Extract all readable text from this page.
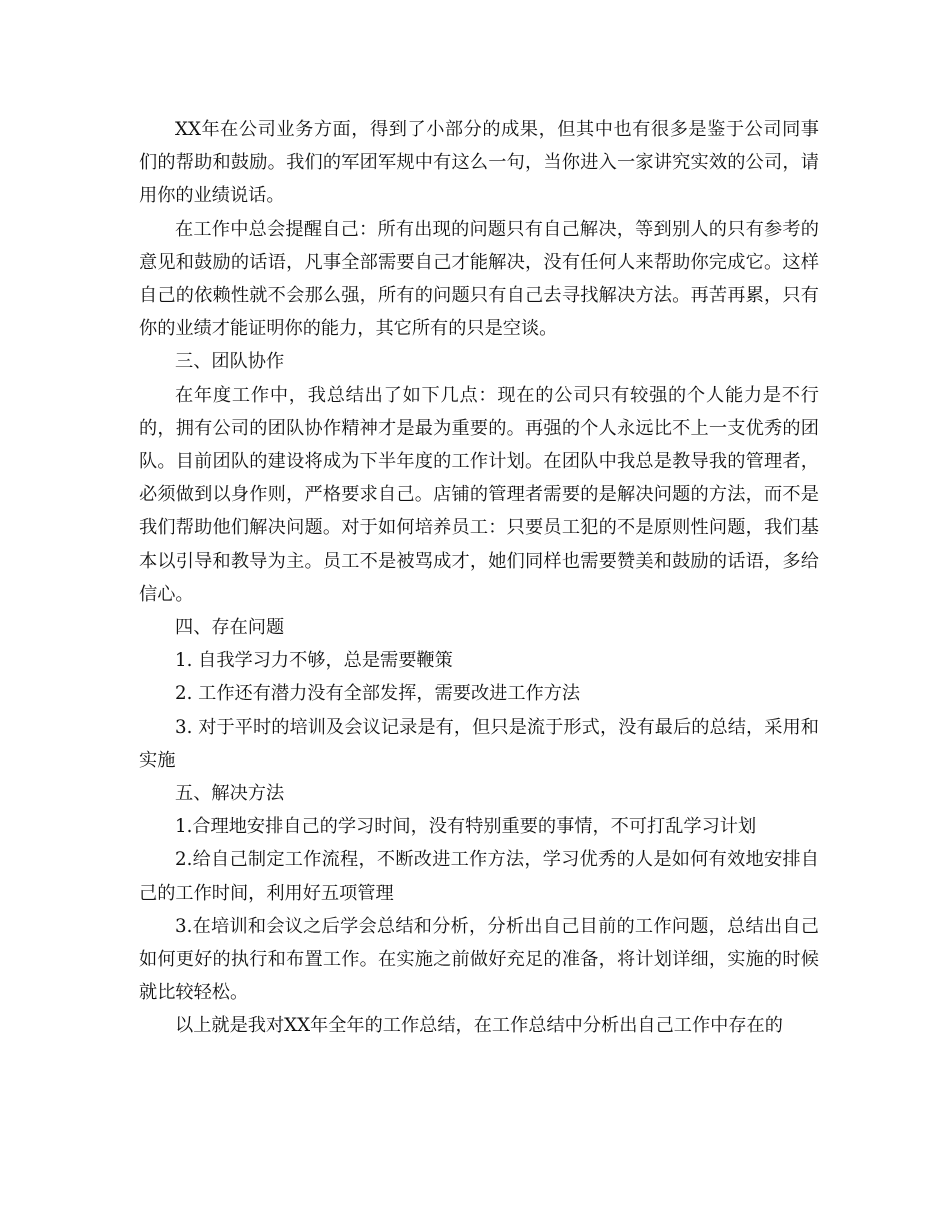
XX年在公司业务方面，得到了小部分的成果，但其中也有很多是鉴于公司同事们的帮助和鼓励。我们的军团军规中有这么一句，当你进入一家讲究实效的公司，请用你的业绩说话。

在工作中总会提醒自己：所有出现的问题只有自己解决，等到别人的只有参考的意见和鼓励的话语，凡事全部需要自己才能解决，没有任何人来帮助你完成它。这样自己的依赖性就不会那么强，所有的问题只有自己去寻找解决方法。再苦再累，只有你的业绩才能证明你的能力，其它所有的只是空谈。

三、团队协作

在年度工作中，我总结出了如下几点：现在的公司只有较强的个人能力是不行的，拥有公司的团队协作精神才是最为重要的。再强的个人永远比不上一支优秀的团队。目前团队的建设将成为下半年度的工作计划。在团队中我总是教导我的管理者，必须做到以身作则，严格要求自己。店铺的管理者需要的是解决问题的方法，而不是我们帮助他们解决问题。对于如何培养员工：只要员工犯的不是原则性问题，我们基本以引导和教导为主。员工不是被骂成才，她们同样也需要赞美和鼓励的话语，多给信心。

四、存在问题

1. 自我学习力不够，总是需要鞭策

2. 工作还有潜力没有全部发挥，需要改进工作方法

3. 对于平时的培训及会议记录是有，但只是流于形式，没有最后的总结，采用和实施

五、解决方法

1.合理地安排自己的学习时间，没有特别重要的事情，不可打乱学习计划

2.给自己制定工作流程，不断改进工作方法，学习优秀的人是如何有效地安排自己的工作时间，利用好五项管理

3.在培训和会议之后学会总结和分析，分析出自己目前的工作问题，总结出自己如何更好的执行和布置工作。在实施之前做好充足的准备，将计划详细，实施的时候就比较轻松。

以上就是我对XX年全年的工作总结，在工作总结中分析出自己工作中存在的
